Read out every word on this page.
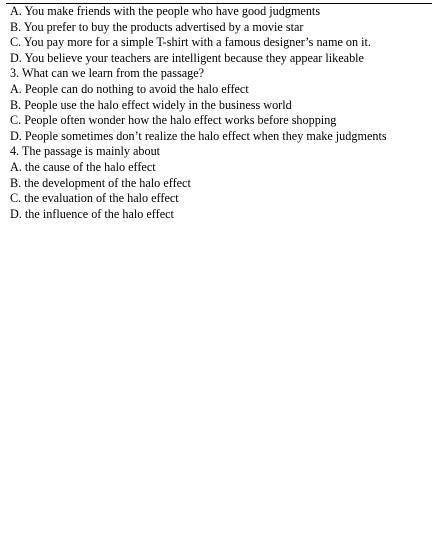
A. You make friends with the people who have good judgments

B. You prefer to buy the products advertised by a movie star

C. You pay more for a simple T-shirt with a famous designer’s name on it.

D. You believe your teachers are intelligent because they appear likeable

3. What can we learn from the passage?

A. People can do nothing to avoid the halo effect

B. People use the halo effect widely in the business world

C. People often wonder how the halo effect works before shopping

D. People sometimes don’t realize the halo effect when they make judgments

4. The passage is mainly about

A. the cause of the halo effect

B. the development of the halo effect

C. the evaluation of the halo effect

D. the influence of the halo effect
